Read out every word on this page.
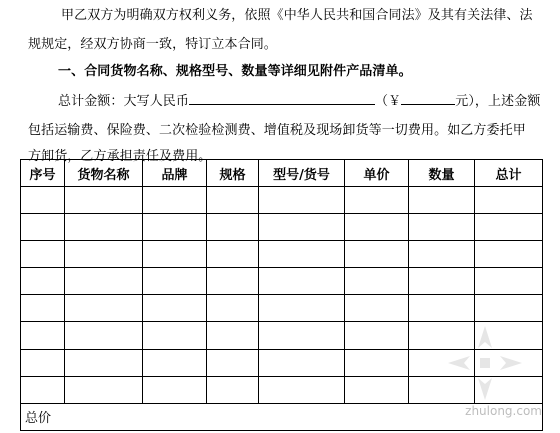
甲乙双方为明确双方权利义务，依照《中华人民共和国合同法》及其有关法律、法
规规定，经双方协商一致，特订立本合同。
一、合同货物名称、规格型号、数量等详细见附件产品清单。
总计金额：大写人民币	（￥	元），上述金额
包括运输费、保险费、二次检验检测费、增值税及现场卸货等一切费用。如乙方委托甲
方卸货，乙方承担责任及费用。
序号	货物名称	品牌	规格	型号/货号	单价	数量	总计

总价							
zhulong.com
